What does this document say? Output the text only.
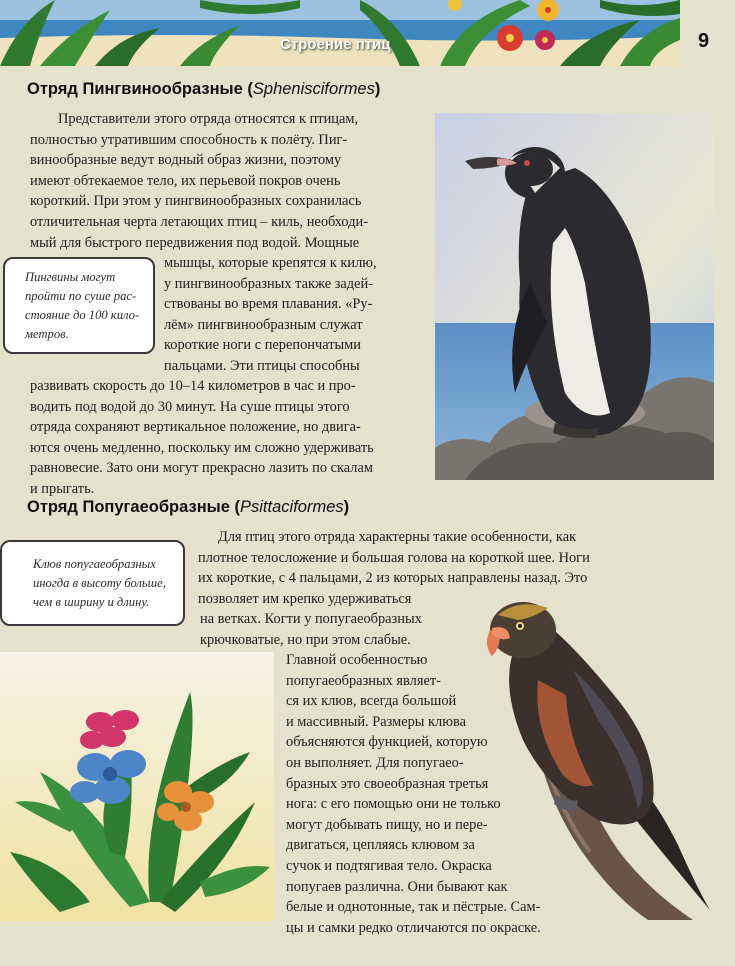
Строение птиц	9
Отряд Пингвинообразные (Sphenisciformes)
Представители этого отряда относятся к птицам,
полностью утратившим способность к полёту. Пиг-
винообразные ведут водный образ жизни, поэтому
имеют обтекаемое тело, их перьевой покров очень
короткий. При этом у пингвинообразных сохранилась
отличительная черта летающих птиц – киль, необходи-
мый для быстрого передвижения под водой. Мощные
мышцы, которые крепятся к килю,
у пингвинообразных также задей-
ствованы во время плавания. «Ру-
лём» пингвинообразным служат
короткие ноги с перепончатыми
пальцами. Эти птицы способны
развивать скорость до 10–14 километров в час и про-
водить под водой до 30 минут. На суше птицы этого
отряда сохраняют вертикальное положение, но двига-
ются очень медленно, поскольку им сложно удерживать
равновесие. Зато они могут прекрасно лазить по скалам
и прыгать.
Пингвины могут
пройти по суше рас-
стояние до 100 кило-
метров.
Отряд Попугаеобразные (Psittaciformes)
Клюв попугаеобразных
иногда в высоту больше,
чем в ширину и длину.
Для птиц этого отряда характерны такие особенности, как
плотное телосложение и большая голова на короткой шее. Ноги
их короткие, с 4 пальцами, 2 из которых направлены назад. Это
позволяет им крепко удерживаться
на ветках. Когти у попугаеобразных
крючковатые, но при этом слабые.
Главной особенностью
попугаеобразных являет-
ся их клюв, всегда большой
и массивный. Размеры клюва
объясняются функцией, которую
он выполняет. Для попугаео-
бразных это своеобразная третья
нога: с его помощью они не только
могут добывать пищу, но и пере-
двигаться, цепляясь клювом за
сучок и подтягивая тело. Окраска
попугаев различна. Они бывают как
белые и однотонные, так и пёстрые. Сам-
цы и самки редко отличаются по окраске.
